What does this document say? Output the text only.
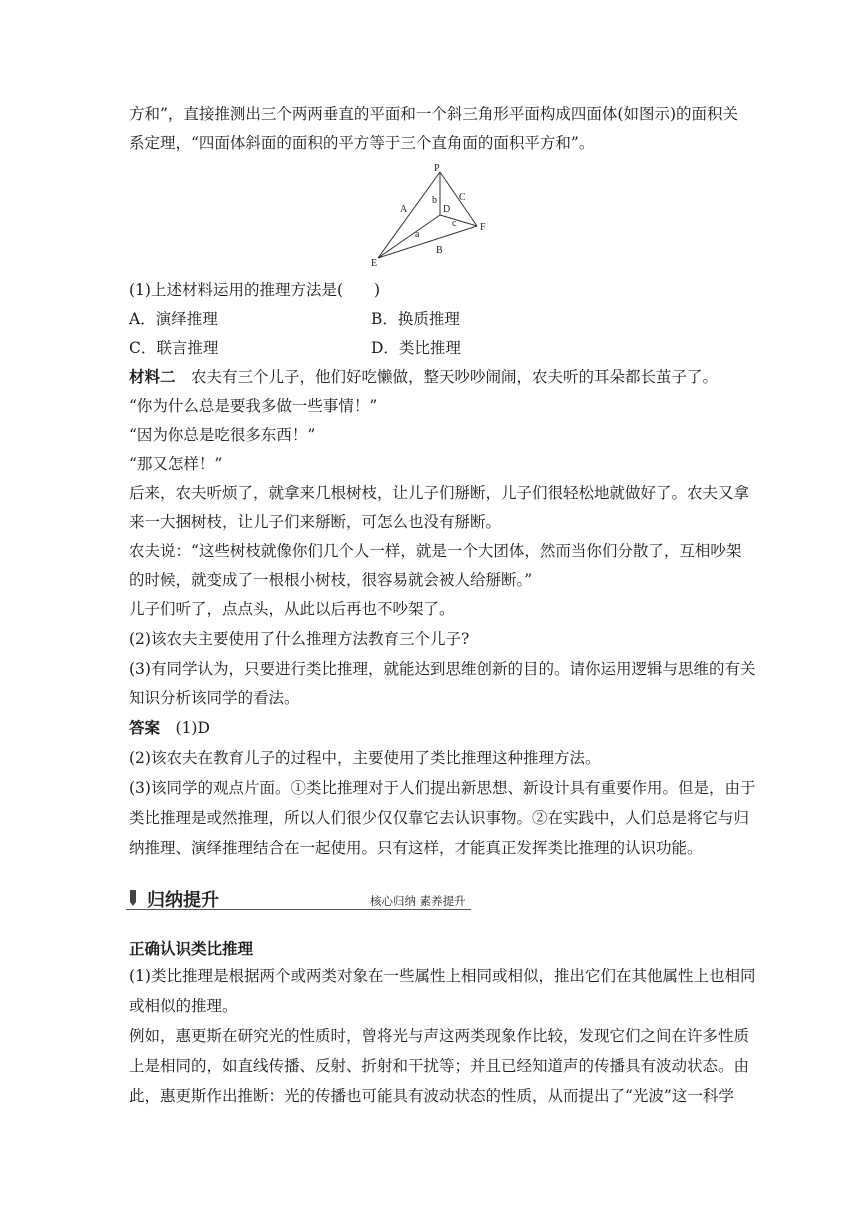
方和”，直接推测出三个两两垂直的平面和一个斜三角形平面构成四面体(如图示)的面积关
系定理，“四面体斜面的面积的平方等于三个直角面的面积平方和”。
P
E
F
D
A
B
C
a
b
c
(1)上述材料运用的推理方法是(　　)
A．演绎推理	B．换质推理
C．联言推理	D．类比推理
材料二　农夫有三个儿子，他们好吃懒做，整天吵吵闹闹，农夫听的耳朵都长茧子了。
“你为什么总是要我多做一些事情！”
“因为你总是吃很多东西！”
“那又怎样！”
后来，农夫听烦了，就拿来几根树枝，让儿子们掰断，儿子们很轻松地就做好了。农夫又拿
来一大捆树枝，让儿子们来掰断，可怎么也没有掰断。
农夫说：“这些树枝就像你们几个人一样，就是一个大团体，然而当你们分散了，互相吵架
的时候，就变成了一根根小树枝，很容易就会被人给掰断。”
儿子们听了，点点头，从此以后再也不吵架了。
(2)该农夫主要使用了什么推理方法教育三个儿子?
(3)有同学认为，只要进行类比推理，就能达到思维创新的目的。请你运用逻辑与思维的有关
知识分析该同学的看法。
答案　(1)D
(2)该农夫在教育儿子的过程中，主要使用了类比推理这种推理方法。
(3)该同学的观点片面。①类比推理对于人们提出新思想、新设计具有重要作用。但是，由于
类比推理是或然推理，所以人们很少仅仅靠它去认识事物。②在实践中，人们总是将它与归
纳推理、演绎推理结合在一起使用。只有这样，才能真正发挥类比推理的认识功能。
归纳提升	核心归纳 素养提升
正确认识类比推理
(1)类比推理是根据两个或两类对象在一些属性上相同或相似，推出它们在其他属性上也相同
或相似的推理。
例如，惠更斯在研究光的性质时，曾将光与声这两类现象作比较，发现它们之间在许多性质
上是相同的，如直线传播、反射、折射和干扰等；并且已经知道声的传播具有波动状态。由
此，惠更斯作出推断：光的传播也可能具有波动状态的性质，从而提出了“光波”这一科学
